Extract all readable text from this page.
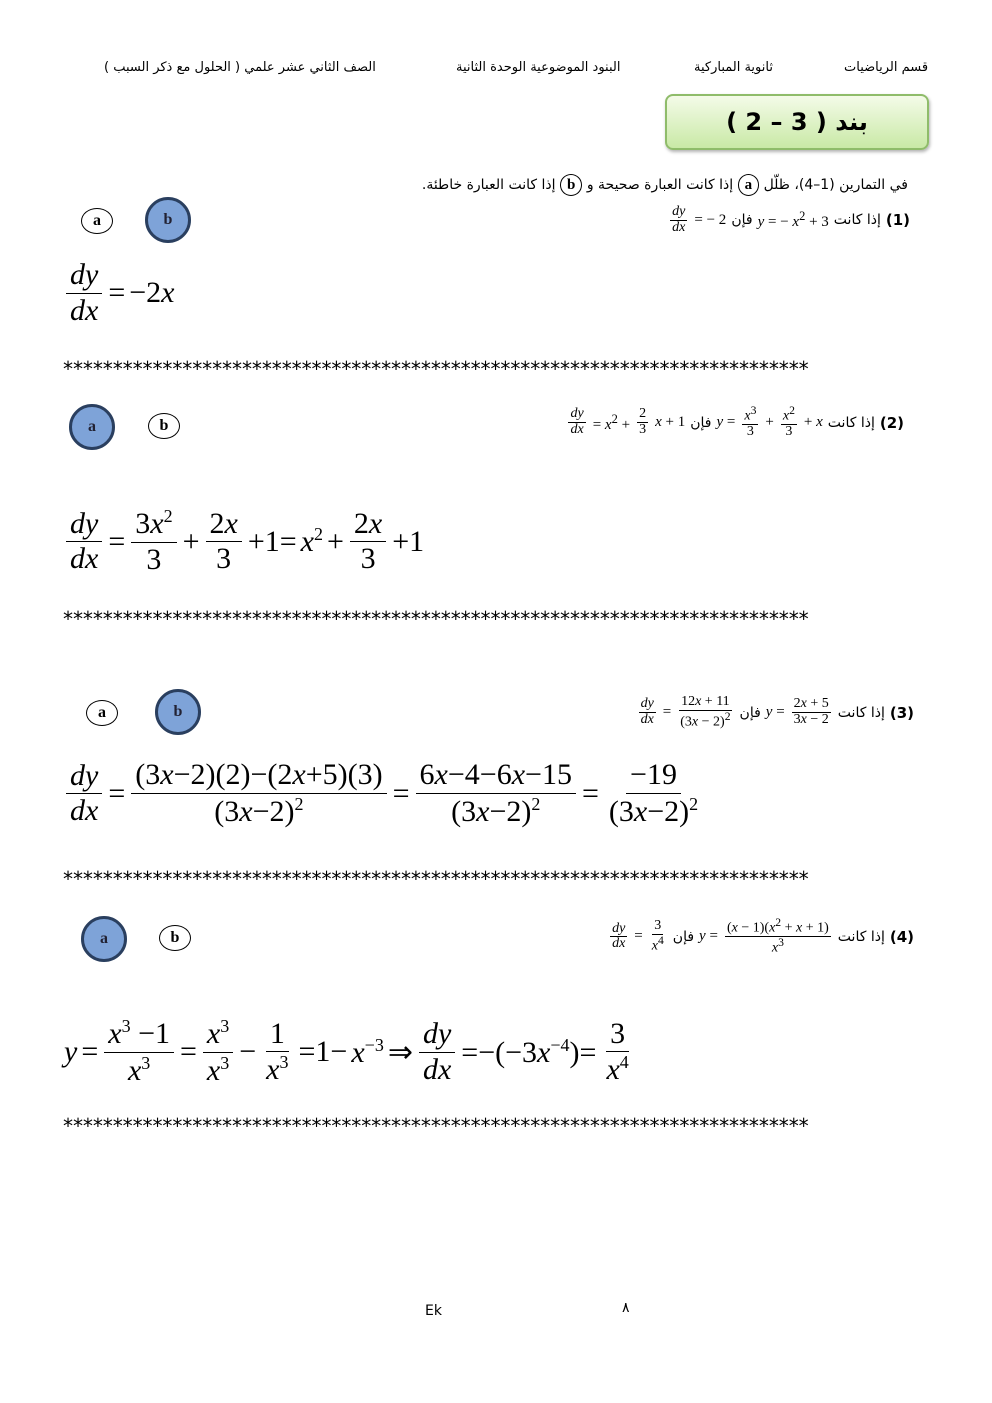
قسم الرياضيات
ثانوية المباركية
البنود الموضوعية الوحدة الثانية
الصف الثاني عشر علمي ( الحلول مع ذكر السبب )
بند ( 3 – 2 )
في التمارين (1–4)، ظلّل a إذا كانت العبارة صحيحة و b إذا كانت العبارة خاطئة.
a	b	$\frac{dy}{dx}$ = − 2 فإن y = − $x^2 + 3$ إذا كانت (1)
$\frac{dy}{dx} = -2x$
***************************************************************************
a	b	$\frac{dy}{dx} = x^2 + \frac{2}{3}$ x + 1 فإن $y = \frac{x^3}{3} + \frac{x^2}{3} + x$ إذا كانت (2)
$\frac{dy}{dx} = \frac{3x^2}{3} + \frac{2x}{3} +1= x^2 + \frac{2x}{3} +1$
***************************************************************************
a	b	$\frac{dy}{dx} = \frac{12x + 11}{(3x - 2)^2}$ فإن $y = \frac{2x + 5}{3x - 2}$ إذا كانت (3)
$\frac{dy}{dx} = \frac{(3x-2)(2)-(2x+5)(3)}{(3x-2)^2} = \frac{6x-4-6x-15}{(3x-2)^2} = \frac{-19}{(3x-2)^2}$
***************************************************************************
a	b	$\frac{dy}{dx} = \frac{3}{x^4}$ فإن $y = \frac{(x - 1)(x^2 + x + 1)}{x^3}$ إذا كانت (4)
$y = \frac{x^3 -1}{x^3} = \frac{x^3}{x^3} - \frac{1}{x^3} =1- x^{-3}$ ⇒ $\frac{dy}{dx} =-(-3x^{-4})= \frac{3}{x^4}$
***************************************************************************
Ek	٨
